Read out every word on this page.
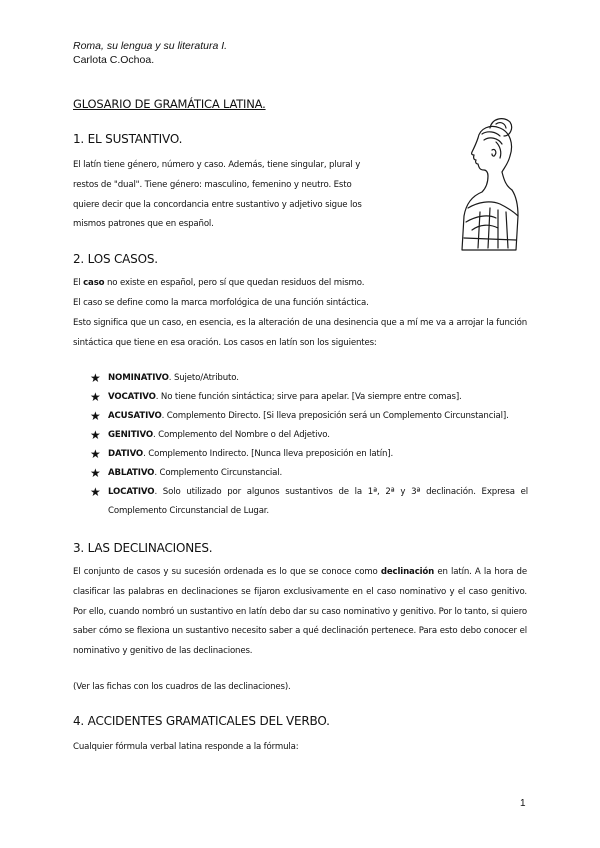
Roma, su lengua y su literatura I.
Carlota C.Ochoa.
GLOSARIO DE GRAMÁTICA LATINA.
1. EL SUSTANTIVO.
El latín tiene género, número y caso. Además, tiene singular, plural y
restos de "dual". Tiene género: masculino, femenino y neutro. Esto
quiere decir que la concordancia entre sustantivo y adjetivo sigue los
mismos patrones que en español.
2. LOS CASOS.
El caso no existe en español, pero sí que quedan residuos del mismo.
El caso se define como la marca morfológica de una función sintáctica.
Esto significa que un caso, en esencia, es la alteración de una desinencia que a mí me va a arrojar la función sintáctica que tiene en esa oración. Los casos en latín son los siguientes:
★ NOMINATIVO. Sujeto/Atributo.
★ VOCATIVO. No tiene función sintáctica; sirve para apelar. [Va siempre entre comas].
★ ACUSATIVO. Complemento Directo. [Si lleva preposición será un Complemento Circunstancial].
★ GENITIVO. Complemento del Nombre o del Adjetivo.
★ DATIVO. Complemento Indirecto. [Nunca lleva preposición en latín].
★ ABLATIVO. Complemento Circunstancial.
★ LOCATIVO. Solo utilizado por algunos sustantivos de la 1ª, 2ª y 3ª declinación. Expresa el Complemento Circunstancial de Lugar.
3. LAS DECLINACIONES.
El conjunto de casos y su sucesión ordenada es lo que se conoce como declinación en latín. A la hora de clasificar las palabras en declinaciones se fijaron exclusivamente en el caso nominativo y el caso genitivo. Por ello, cuando nombró un sustantivo en latín debo dar su caso nominativo y genitivo. Por lo tanto, si quiero saber cómo se flexiona un sustantivo necesito saber a qué declinación pertenece. Para esto debo conocer el nominativo y genitivo de las declinaciones.
(Ver las fichas con los cuadros de las declinaciones).
4. ACCIDENTES GRAMATICALES DEL VERBO.
Cualquier fórmula verbal latina responde a la fórmula:
1
